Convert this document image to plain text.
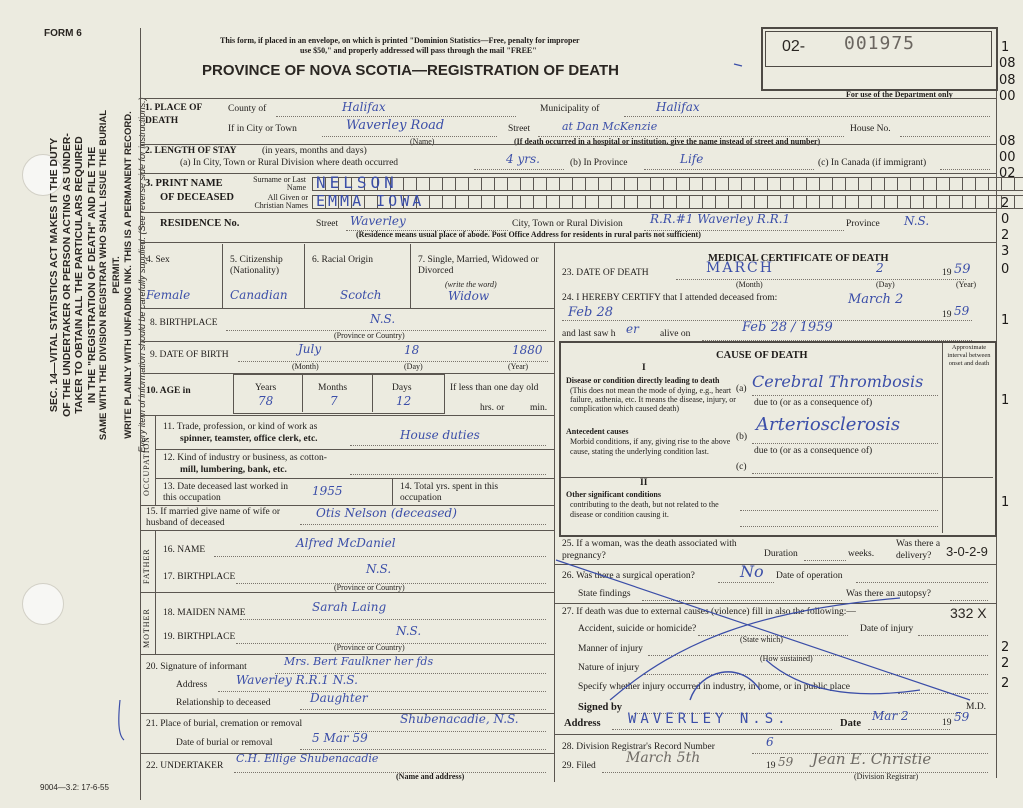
FORM 6
9004—3.2: 17-6-55
SEC. 14—VITAL STATISTICS ACT MAKES IT THE DUTY OF THE UNDERTAKER OR PERSON ACTING AS UNDER- TAKER TO OBTAIN ALL THE PARTICULARS REQUIRED IN THE "REGISTRATION OF DEATH" AND FILE THE SAME WITH THE DIVISION REGISTRAR WHO SHALL ISSUE THE BURIAL PERMIT. WRITE PLAINLY WITH UNFADING INK. THIS IS A PERMANENT RECORD. Every item of information should be carefully supplied. (See reverse side for instructions.)
This form, if placed in an envelope, on which is printed "Dominion Statistics—Free, penalty for improper
use $50," and properly addressed will pass through the mail "FREE"
PROVINCE OF NOVA SCOTIA—REGISTRATION OF DEATH
02- 001975
For use of the Department only
1
08
08
00
08
00
02
2
0
2
3
0
1
1
1
2
2
2
1. PLACE OF DEATH
County of	Halifax	Municipality of	Halifax
If in City or Town	Waverley Road
(Name)
Street	at Dan McKenzie	House No.
(If death occurred in a hospital or institution, give the name instead of street and number)
2. LENGTH OF STAY	(in years, months and days)
(a) In City, Town or Rural Division where death occurred	4 yrs.	(b) In Province	Life	(c) In Canada (if immigrant)
3. PRINT NAME
OF DECEASED
Surname or Last Name
All Given or Christian Names
NELSON
EMMA IOWA
RESIDENCE No.	Street Waverley	City, Town or Rural Division R.R.#1 Waverley R.R.1	Province N.S.
(Residence means usual place of abode. Post Office Address for residents in rural parts not sufficient)
4. Sex	5. Citizenship (Nationality)
6. Racial Origin	7. Single, Married, Widowed or Divorced
(write the word)
Female	Canadian	Scotch	Widow
8. BIRTHPLACE	N.S.
(Province or Country)
9. DATE OF BIRTH	July	18	1880
(Month)	(Day)	(Year)
10. AGE in	Years	Months	Days
78	7	12
If less than one day old
hrs. or	min.
OCCUPATION
11. Trade, profession, or kind of work as
spinner, teamster, office clerk, etc.	House duties
12. Kind of industry or business, as cotton-
mill, lumbering, bank, etc.
13. Date deceased last worked in this occupation	1955	14. Total yrs. spent in this occupation
15. If married give name of wife or husband of deceased
Otis Nelson (deceased)
FATHER 16. NAME	Alfred McDaniel
17. BIRTHPLACE
N.S.
(Province or Country)
MOTHER 18. MAIDEN NAME	Sarah Laing
19. BIRTHPLACE	N.S.
(Province or Country)
20. Signature of informant	Mrs. Bert Faulkner her fds
Address Waverley R.R.1 N.S.
Relationship to deceased	Daughter
21. Place of burial, cremation or removal	Shubenacadie, N.S.
Date of burial or removal	5 Mar 59
22. UNDERTAKER
C.H. Ellige Shubenacadie
(Name and address)
MEDICAL CERTIFICATE OF DEATH
23. DATE OF DEATH	MARCH	2	19 59
(Month)	(Day)	(Year)
24. I HEREBY CERTIFY that I attended deceased from:
Feb 28
March 2
19 59
and last saw h er alive on	Feb 28 / 1959
CAUSE OF DEATH
Approximate interval between onset and death
I
Disease or condition directly leading to death
(This does not mean the mode of dying, e.g., heart failure, asthenia, etc. It means the disease, injury, or complication which caused death)
(a) Cerebral Thrombosis
due to (or as a consequence of)
Antecedent causes
Morbid conditions, if any, giving rise to the above cause, stating the underlying condition last.
(b)
Arteriosclerosis
due to (or as a consequence of)
(c)
II
Other significant conditions
contributing to the death, but not related to the disease or condition causing it.
25. If a woman, was the death associated with pregnancy?	Duration	weeks.
Was there a delivery?	3-0-2-9
26. Was there a surgical operation?	No Date of operation
State findings	Was there an autopsy?
27. If death was due to external causes (violence) fill in also the following:—	332 X
Accident, suicide or homicide?
(State which)
Date of injury
Manner of injury
(How sustained)
Nature of injury
Specify whether injury occurred in industry, in home, or in public place
Signed by	M.D.
Address WAVERLEY N.S.	Date
Mar 2	19 59
28. Division Registrar's Record Number	6
29. Filed March 5th	19 59 Jean E. Christie
(Division Registrar)
